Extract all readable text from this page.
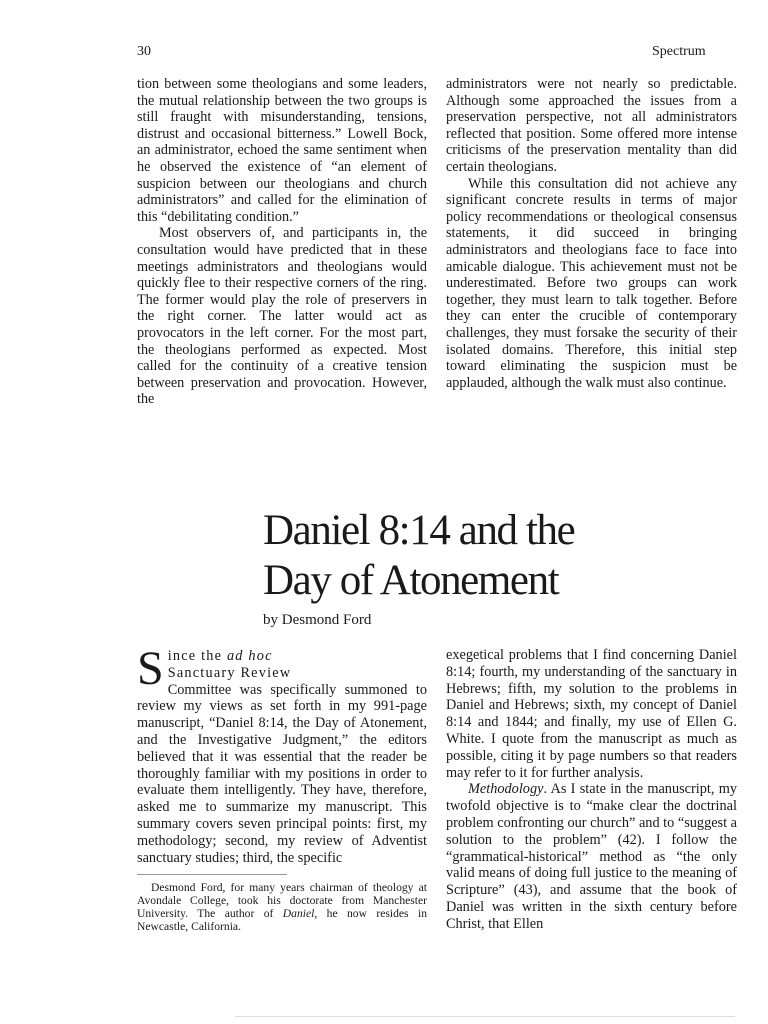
30	Spectrum

tion between some theologians and some leaders, the mutual relationship between the two groups is still fraught with misunderstanding, tensions, distrust and occasional bitterness.” Lowell Bock, an administrator, echoed the same sentiment when he observed the existence of “an element of suspicion between our theologians and church administrators” and called for the elimination of this “debilitating condition.”

Most observers of, and participants in, the consultation would have predicted that in these meetings administrators and theologians would quickly flee to their respective corners of the ring. The former would play the role of preservers in the right corner. The latter would act as provocators in the left corner. For the most part, the theologians performed as expected. Most called for the continuity of a creative tension between preservation and provocation. However, the

administrators were not nearly so predictable. Although some approached the issues from a preservation perspective, not all administrators reflected that position. Some offered more intense criticisms of the preservation mentality than did certain theologians.

While this consultation did not achieve any significant concrete results in terms of major policy recommendations or theological consensus statements, it did succeed in bringing administrators and theologians face to face into amicable dialogue. This achievement must not be underestimated. Before two groups can work together, they must learn to talk together. Before they can enter the crucible of contemporary challenges, they must forsake the security of their isolated domains. Therefore, this initial step toward eliminating the suspicion must be applauded, although the walk must also continue.

Daniel 8:14 and the
Day of Atonement
by Desmond Ford

Since the ad hoc
Sanctuary Review
Committee was specifically summoned to review my views as set forth in my 991-page manuscript, “Daniel 8:14, the Day of Atonement, and the Investigative Judgment,” the editors believed that it was essential that the reader be thoroughly familiar with my positions in order to evaluate them intelligently. They have, therefore, asked me to summarize my manuscript. This summary covers seven principal points: first, my methodology; second, my review of Adventist sanctuary studies; third, the specific

Desmond Ford, for many years chairman of theology at Avondale College, took his doctorate from Manchester University. The author of Daniel, he now resides in Newcastle, California.

exegetical problems that I find concerning Daniel 8:14; fourth, my understanding of the sanctuary in Hebrews; fifth, my solution to the problems in Daniel and Hebrews; sixth, my concept of Daniel 8:14 and 1844; and finally, my use of Ellen G. White. I quote from the manuscript as much as possible, citing it by page numbers so that readers may refer to it for further analysis.

Methodology. As I state in the manuscript, my twofold objective is to “make clear the doctrinal problem confronting our church” and to “suggest a solution to the problem” (42). I follow the “grammatical-historical” method as “the only valid means of doing full justice to the meaning of Scripture” (43), and assume that the book of Daniel was written in the sixth century before Christ, that Ellen
